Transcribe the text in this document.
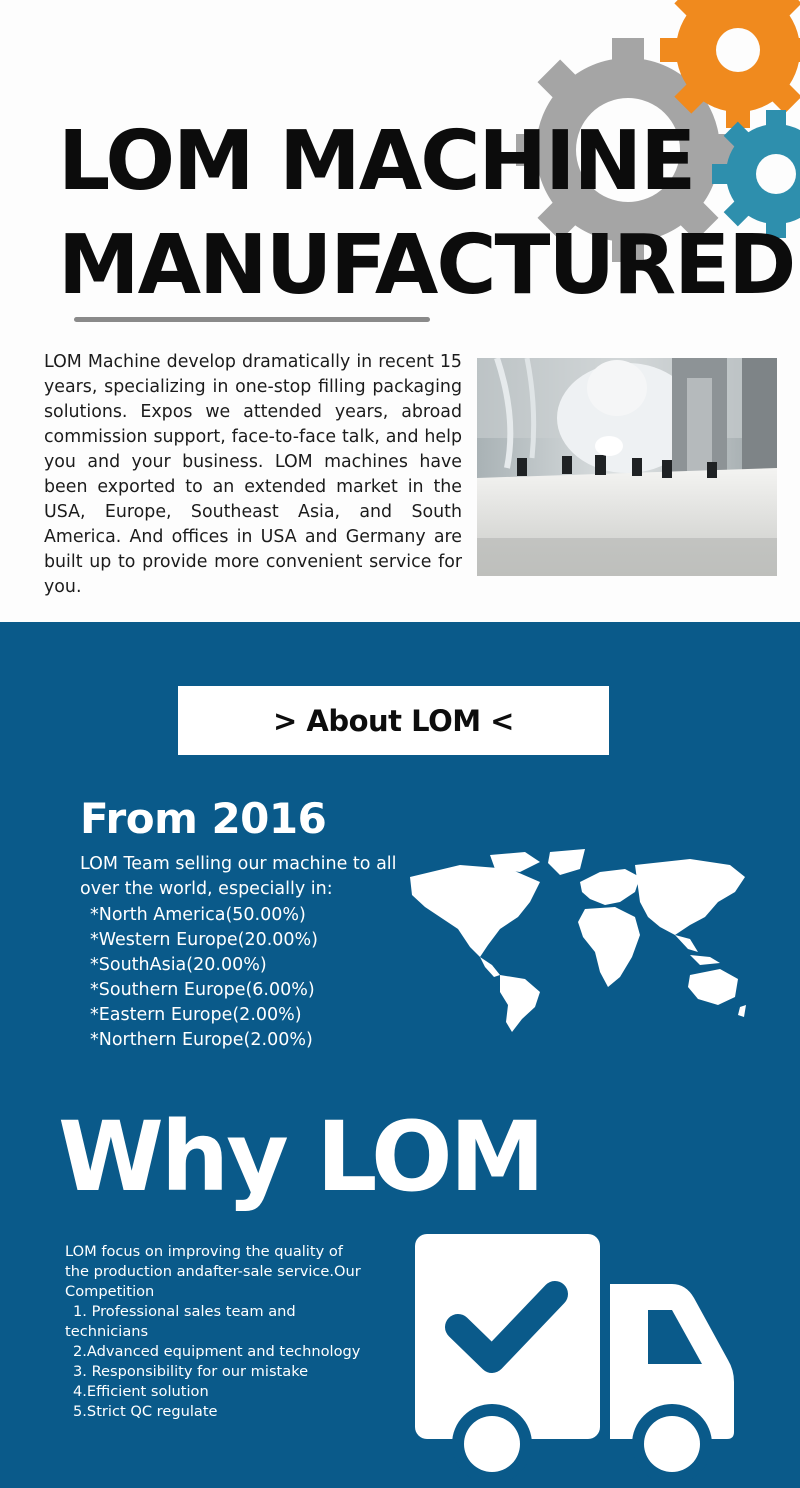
LOM MACHINE
MANUFACTURED

LOM Machine develop dramatically in recent 15 years, specializing in one-stop filling packaging solutions. Expos we attended years, abroad commission support, face-to-face talk, and help you and your business. LOM machines have been exported to an extended market in the USA, Europe, Southeast Asia, and South America. And offices in USA and Germany are built up to provide more convenient service for you.

> About LOM <
From 2016

LOM Team selling our machine to all over the world, especially in:

*North America(50.00%)
*Western Europe(20.00%)
*SouthAsia(20.00%)
*Southern Europe(6.00%)
*Eastern Europe(2.00%)
*Northern Europe(2.00%)
Why LOM

LOM focus on improving the quality of the production andafter-sale service.Our Competition

1. Professional sales team and technicians
2.Advanced equipment and technology
3. Responsibility for our mistake
4.Efficient solution
5.Strict QC regulate
